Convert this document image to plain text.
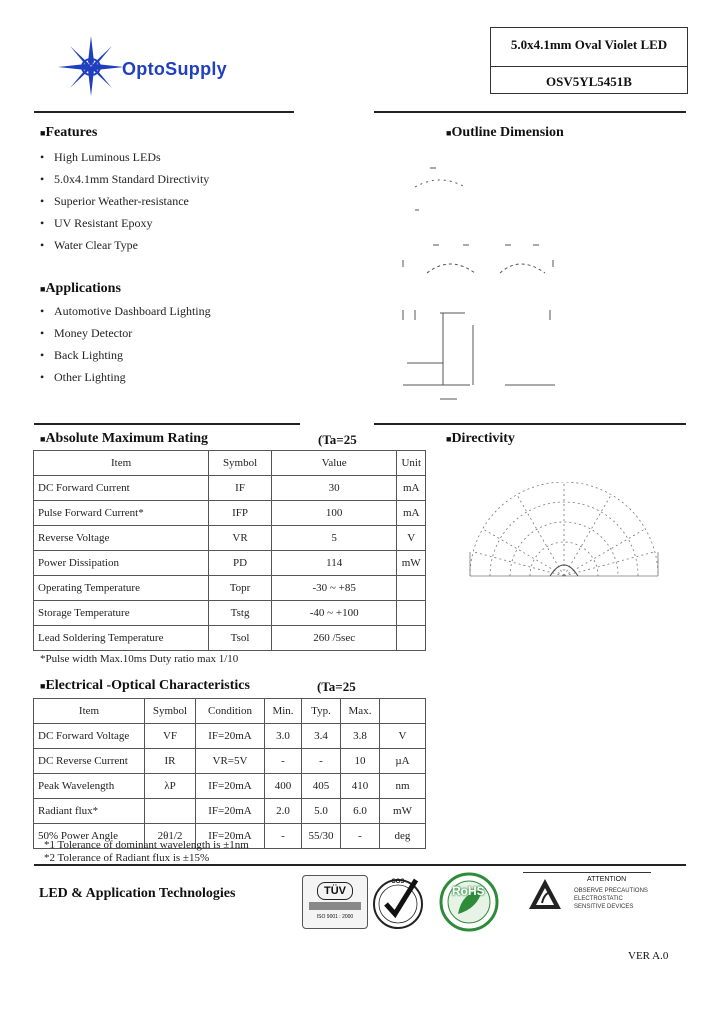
S OptoSupply
5.0x4.1mm Oval Violet LED
OSV5YL5451B
■Features
• High Luminous LEDs
• 5.0x4.1mm Standard Directivity
• Superior Weather-resistance
• UV Resistant Epoxy
• Water Clear Type
■Applications
• Automotive Dashboard Lighting
• Money Detector
• Back Lighting
• Other Lighting
■Outline Dimension
■Absolute Maximum Rating	(Ta=25
Item	Symbol	Value	Unit
DC Forward Current	IF	30	mA
Pulse Forward Current*	IFP	100	mA
Reverse Voltage	VR	5	V
Power Dissipation	PD	114	mW
Operating Temperature	Topr	-30 ~ +85	
Storage Temperature	Tstg	-40 ~ +100	
Lead Soldering Temperature	Tsol	260 /5sec	
*Pulse width Max.10ms Duty ratio max 1/10
■Directivity
■Electrical -Optical Characteristics	(Ta=25
Item	Symbol	Condition	Min.	Typ.	Max.	
DC Forward Voltage	VF	IF=20mA	3.0	3.4	3.8	V
DC Reverse Current	IR	VR=5V	-	-	10	µA
Peak Wavelength	λP	IF=20mA	400	405	410	nm
Radiant flux*		IF=20mA	2.0	5.0	6.0	mW
50% Power Angle	2θ1/2	IF=20mA	-	55/30	-	deg
*1 Tolerance of dominant wavelength is ±1nm
*2 Tolerance of Radiant flux is ±15%
LED & Application Technologies	TÜV
ISO 9001 : 2000
SGS
RoHS
ATTENTION
OBSERVE PRECAUTIONS
ELECTROSTATIC
SENSITIVE DEVICES
VER A.0
